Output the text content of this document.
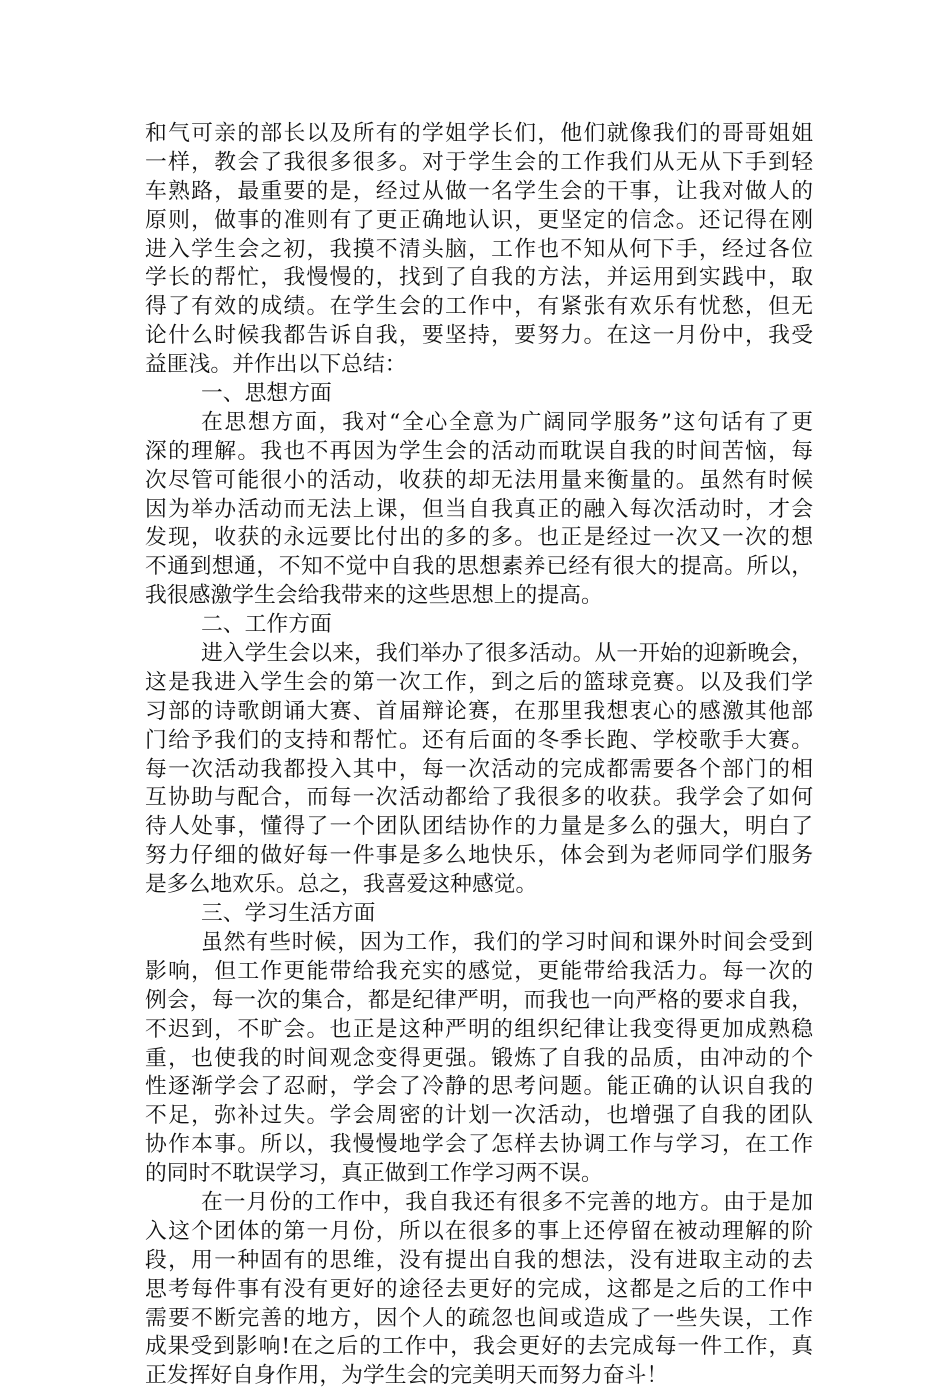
和气可亲的部长以及所有的学姐学长们，他们就像我们的哥哥姐姐
一样，教会了我很多很多。对于学生会的工作我们从无从下手到轻
车熟路，最重要的是，经过从做一名学生会的干事，让我对做人的
原则，做事的准则有了更正确地认识，更坚定的信念。还记得在刚
进入学生会之初，我摸不清头脑，工作也不知从何下手，经过各位
学长的帮忙，我慢慢的，找到了自我的方法，并运用到实践中，取
得了有效的成绩。在学生会的工作中，有紧张有欢乐有忧愁，但无
论什么时候我都告诉自我，要坚持，要努力。在这一月份中，我受
益匪浅。并作出以下总结：
一、思想方面
在思想方面，我对“全心全意为广阔同学服务”这句话有了更
深的理解。我也不再因为学生会的活动而耽误自我的时间苦恼，每
次尽管可能很小的活动，收获的却无法用量来衡量的。虽然有时候
因为举办活动而无法上课，但当自我真正的融入每次活动时，才会
发现，收获的永远要比付出的多的多。也正是经过一次又一次的想
不通到想通，不知不觉中自我的思想素养已经有很大的提高。所以，
我很感激学生会给我带来的这些思想上的提高。
二、工作方面
进入学生会以来，我们举办了很多活动。从一开始的迎新晚会，
这是我进入学生会的第一次工作，到之后的篮球竞赛。以及我们学
习部的诗歌朗诵大赛、首届辩论赛，在那里我想衷心的感激其他部
门给予我们的支持和帮忙。还有后面的冬季长跑、学校歌手大赛。
每一次活动我都投入其中，每一次活动的完成都需要各个部门的相
互协助与配合，而每一次活动都给了我很多的收获。我学会了如何
待人处事，懂得了一个团队团结协作的力量是多么的强大，明白了
努力仔细的做好每一件事是多么地快乐，体会到为老师同学们服务
是多么地欢乐。总之，我喜爱这种感觉。
三、学习生活方面
虽然有些时候，因为工作，我们的学习时间和课外时间会受到
影响，但工作更能带给我充实的感觉，更能带给我活力。每一次的
例会，每一次的集合，都是纪律严明，而我也一向严格的要求自我，
不迟到，不旷会。也正是这种严明的组织纪律让我变得更加成熟稳
重，也使我的时间观念变得更强。锻炼了自我的品质，由冲动的个
性逐渐学会了忍耐，学会了冷静的思考问题。能正确的认识自我的
不足，弥补过失。学会周密的计划一次活动，也增强了自我的团队
协作本事。所以，我慢慢地学会了怎样去协调工作与学习，在工作
的同时不耽误学习，真正做到工作学习两不误。
在一月份的工作中，我自我还有很多不完善的地方。由于是加
入这个团体的第一月份，所以在很多的事上还停留在被动理解的阶
段，用一种固有的思维，没有提出自我的想法，没有进取主动的去
思考每件事有没有更好的途径去更好的完成，这都是之后的工作中
需要不断完善的地方，因个人的疏忽也间或造成了一些失误，工作
成果受到影响!在之后的工作中，我会更好的去完成每一件工作，真
正发挥好自身作用，为学生会的完美明天而努力奋斗！
